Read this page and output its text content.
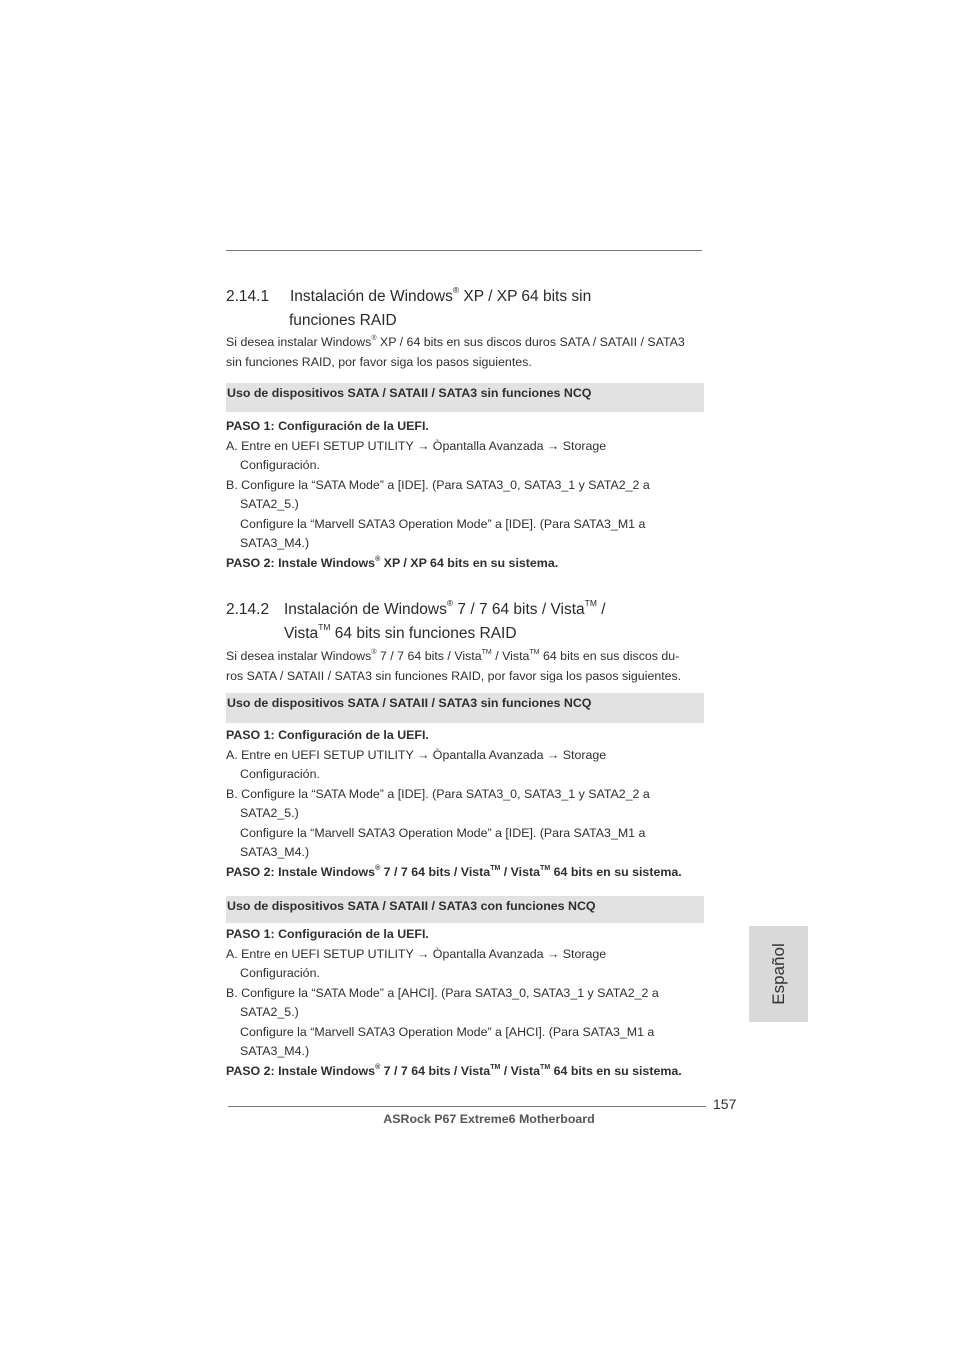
2.14.1 Instalación de Windows® XP / XP 64 bits sin
funciones RAID
Si desea instalar Windows® XP / 64 bits en sus discos duros SATA / SATAII / SATA3
sin funciones RAID, por favor siga los pasos siguientes.
Uso de dispositivos SATA / SATAII / SATA3 sin funciones NCQ
PASO 1: Configuración de la UEFI.
A. Entre en UEFI SETUP UTILITY → Òpantalla Avanzada → Storage
Configuración.
B. Configure la “SATA Mode” a [IDE]. (Para SATA3_0, SATA3_1 y SATA2_2 a
SATA2_5.)
Configure la “Marvell SATA3 Operation Mode” a [IDE]. (Para SATA3_M1 a
SATA3_M4.)
PASO 2: Instale Windows® XP / XP 64 bits en su sistema.
2.14.2 Instalación de Windows® 7 / 7 64 bits / Vista™ /
Vista™ 64 bits sin funciones RAID
Si desea instalar Windows® 7 / 7 64 bits / Vista™ / Vista™ 64 bits en sus discos du-
ros SATA / SATAII / SATA3 sin funciones RAID, por favor siga los pasos siguientes.
Uso de dispositivos SATA / SATAII / SATA3 sin funciones NCQ
PASO 1: Configuración de la UEFI.
A. Entre en UEFI SETUP UTILITY → Òpantalla Avanzada → Storage
Configuración.
B. Configure la “SATA Mode” a [IDE]. (Para SATA3_0, SATA3_1 y SATA2_2 a
SATA2_5.)
Configure la “Marvell SATA3 Operation Mode” a [IDE]. (Para SATA3_M1 a
SATA3_M4.)
PASO 2: Instale Windows® 7 / 7 64 bits / Vista™ / Vista™ 64 bits en su sistema.
Uso de dispositivos SATA / SATAII / SATA3 con funciones NCQ
PASO 1: Configuración de la UEFI.
A. Entre en UEFI SETUP UTILITY → Òpantalla Avanzada → Storage
Configuración.
B. Configure la “SATA Mode” a [AHCI]. (Para SATA3_0, SATA3_1 y SATA2_2 a
SATA2_5.)
Configure la “Marvell SATA3 Operation Mode” a [AHCI]. (Para SATA3_M1 a
SATA3_M4.)
PASO 2: Instale Windows® 7 / 7 64 bits / Vista™ / Vista™ 64 bits en su sistema.
Español
157
ASRock P67 Extreme6 Motherboard
